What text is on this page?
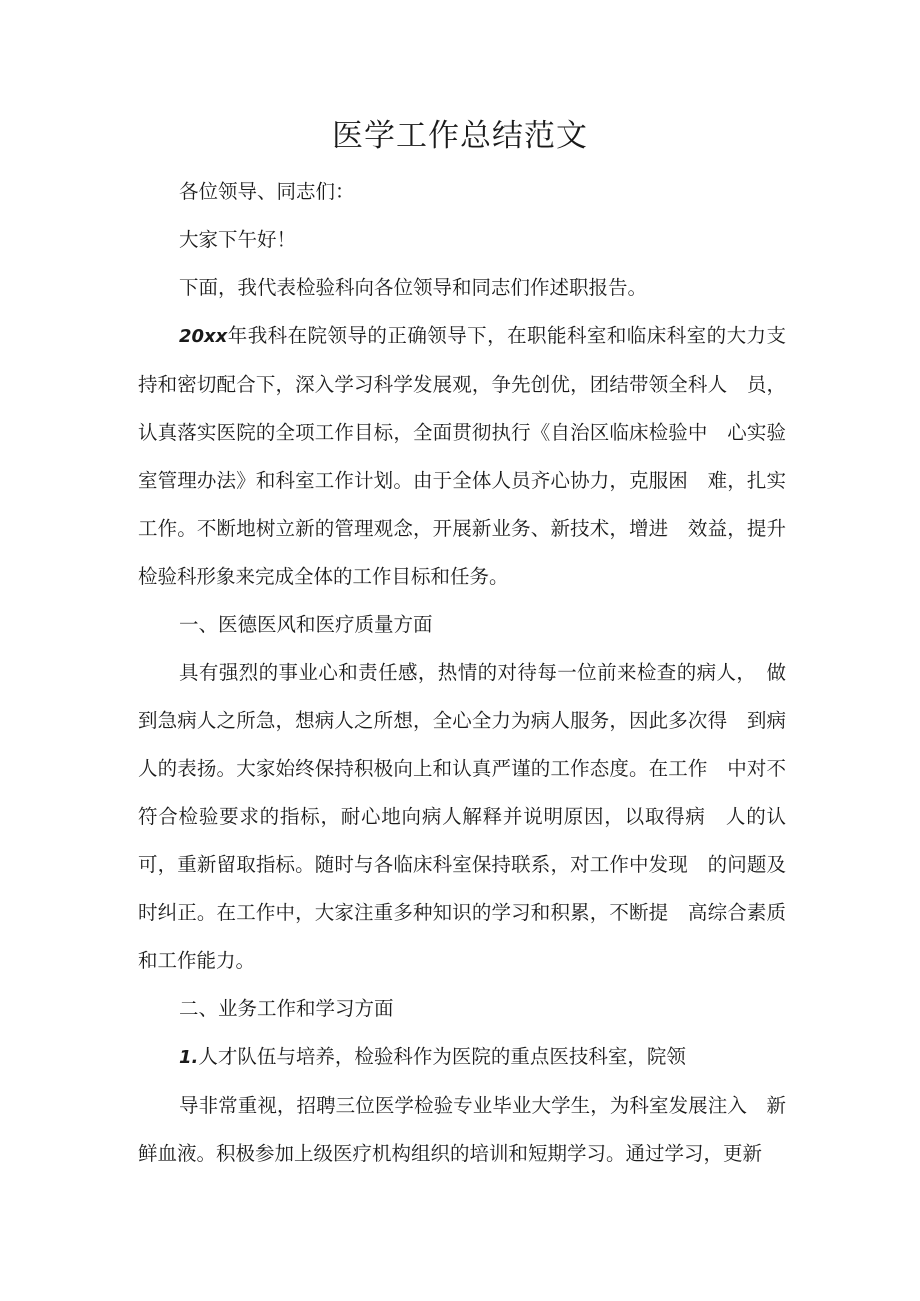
医学工作总结范文

各位领导、同志们：

大家下午好！

下面，我代表检验科向各位领导和同志们作述职报告。

20xx年我科在院领导的正确领导下，在职能科室和临床科室的大力支持和密切配合下，深入学习科学发展观，争先创优，团结带领全科人　员，认真落实医院的全项工作目标，全面贯彻执行《自治区临床检验中　心实验室管理办法》和科室工作计划。由于全体人员齐心协力，克服困　难，扎实工作。不断地树立新的管理观念，开展新业务、新技术，增进　效益，提升检验科形象来完成全体的工作目标和任务。

一、医德医风和医疗质量方面

具有强烈的事业心和责任感，热情的对待每一位前来检查的病人，　做到急病人之所急，想病人之所想，全心全力为病人服务，因此多次得　到病人的表扬。大家始终保持积极向上和认真严谨的工作态度。在工作　中对不符合检验要求的指标，耐心地向病人解释并说明原因，以取得病　人的认可，重新留取指标。随时与各临床科室保持联系，对工作中发现　的问题及时纠正。在工作中，大家注重多种知识的学习和积累，不断提　高综合素质和工作能力。

二、业务工作和学习方面

1.人才队伍与培养，检验科作为医院的重点医技科室，院领

导非常重视，招聘三位医学检验专业毕业大学生，为科室发展注入　新鲜血液。积极参加上级医疗机构组织的培训和短期学习。通过学习，更新
